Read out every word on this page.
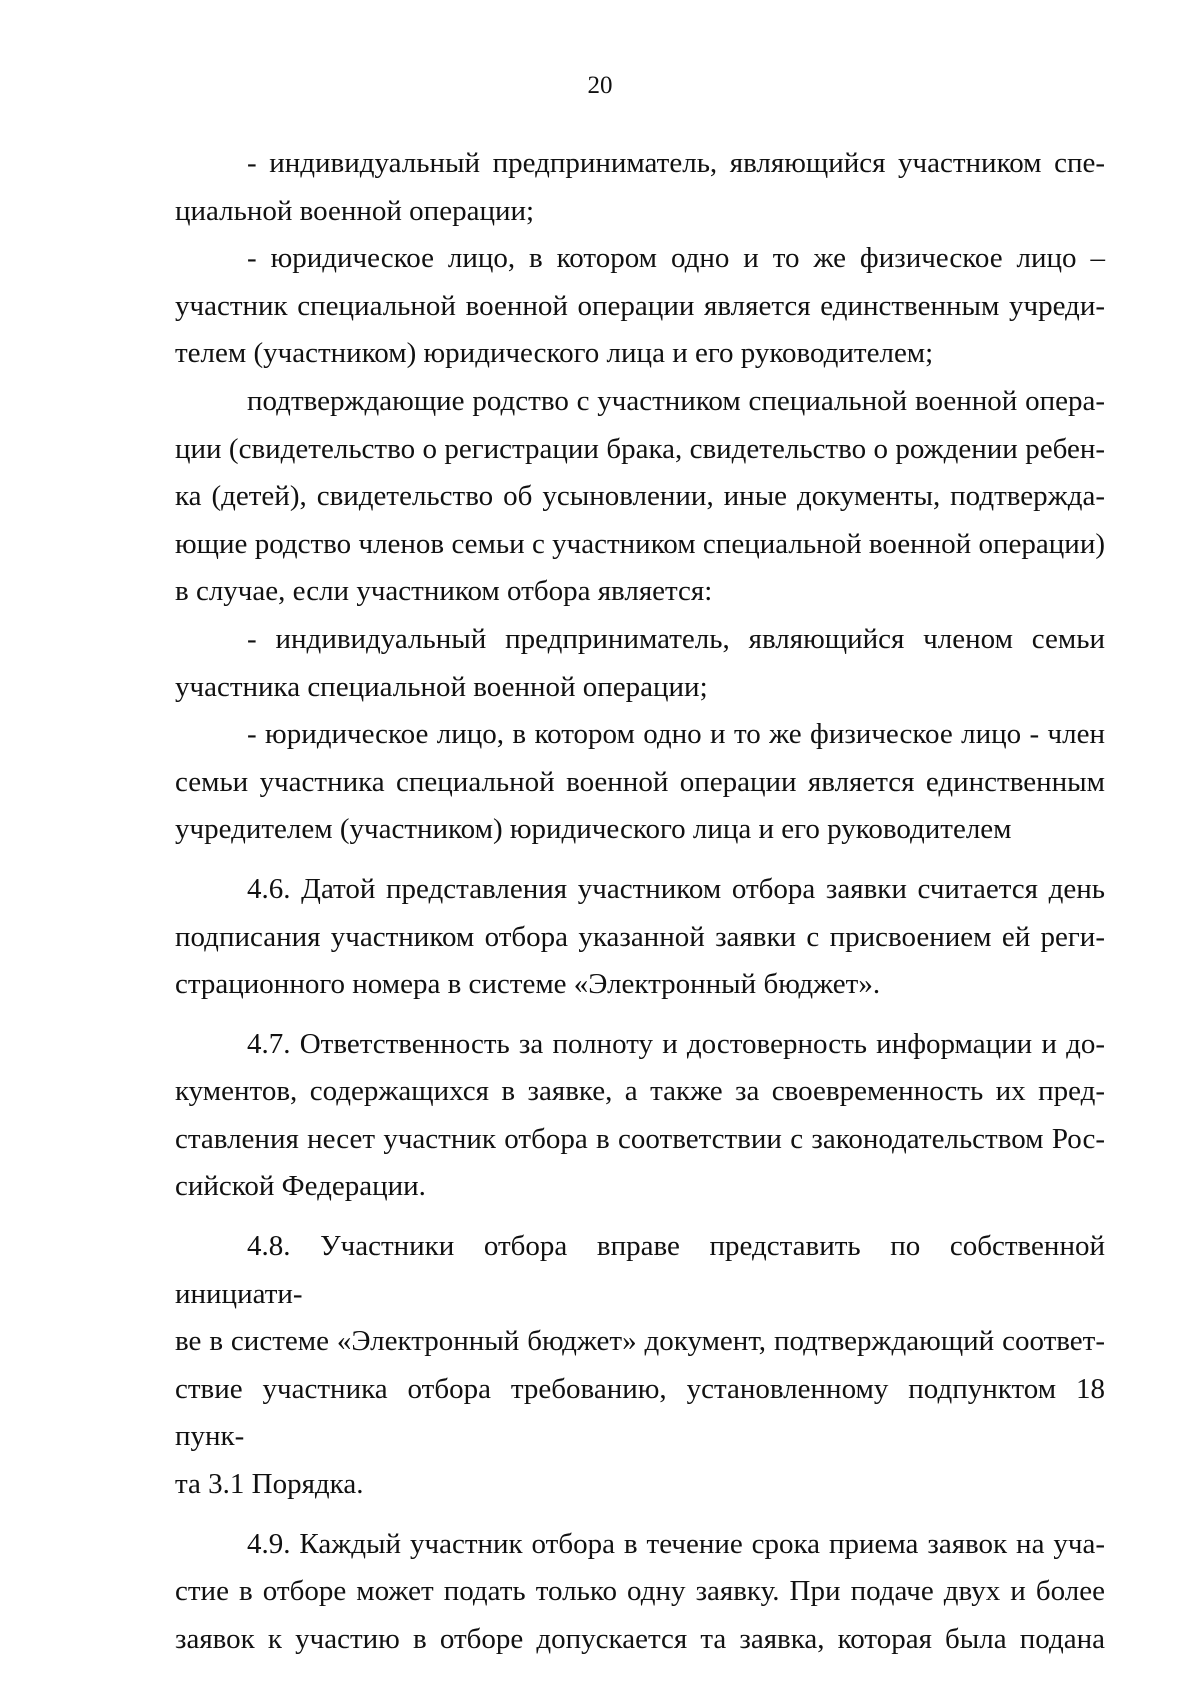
20

- индивидуальный предприниматель, являющийся участником спе-
циальной военной операции;

- юридическое лицо, в котором одно и то же физическое лицо –
участник специальной военной операции является единственным учреди-
телем (участником) юридического лица и его руководителем;

подтверждающие родство с участником специальной военной опера-
ции (свидетельство о регистрации брака, свидетельство о рождении ребен-
ка (детей), свидетельство об усыновлении, иные документы, подтвержда-
ющие родство членов семьи с участником специальной военной операции)
в случае, если участником отбора является:

- индивидуальный предприниматель, являющийся членом семьи
участника специальной военной операции;

- юридическое лицо, в котором одно и то же физическое лицо - член
семьи участника специальной военной операции является единственным
учредителем (участником) юридического лица и его руководителем

4.6. Датой представления участником отбора заявки считается день
подписания участником отбора указанной заявки с присвоением ей реги-
страционного номера в системе «Электронный бюджет».

4.7. Ответственность за полноту и достоверность информации и до-
кументов, содержащихся в заявке, а также за своевременность их пред-
ставления несет участник отбора в соответствии с законодательством Рос-
сийской Федерации.

4.8. Участники отбора вправе представить по собственной инициати-
ве в системе «Электронный бюджет» документ, подтверждающий соответ-
ствие участника отбора требованию, установленному подпунктом 18 пунк-
та 3.1 Порядка.

4.9. Каждый участник отбора в течение срока приема заявок на уча-
стие в отборе может подать только одну заявку. При подаче двух и более
заявок к участию в отборе допускается та заявка, которая была подана
